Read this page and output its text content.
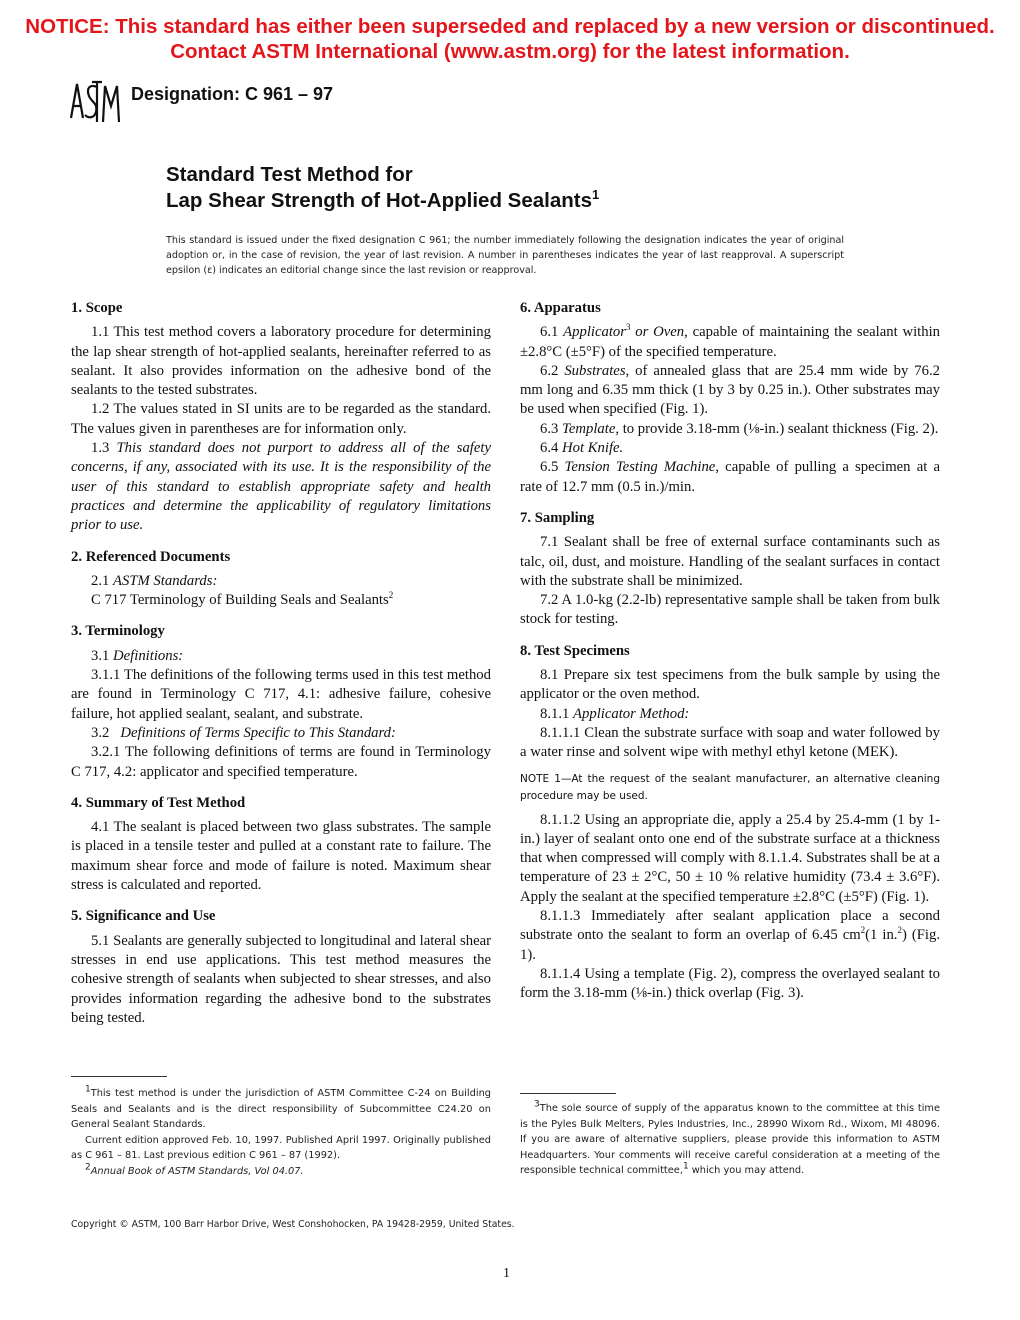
NOTICE: This standard has either been superseded and replaced by a new version or discontinued.
Contact ASTM International (www.astm.org) for the latest information.
Designation: C 961 – 97
Standard Test Method for
Lap Shear Strength of Hot-Applied Sealants$^1$
This standard is issued under the fixed designation C 961; the number immediately following the designation indicates the year of original adoption or, in the case of revision, the year of last revision. A number in parentheses indicates the year of last reapproval. A superscript epsilon (ε) indicates an editorial change since the last revision or reapproval.
1. Scope

1.1 This test method covers a laboratory procedure for determining the lap shear strength of hot-applied sealants, hereinafter referred to as sealant. It also provides information on the adhesive bond of the sealants to the tested substrates.

1.2 The values stated in SI units are to be regarded as the standard. The values given in parentheses are for information only.

1.3 This standard does not purport to address all of the safety concerns, if any, associated with its use. It is the responsibility of the user of this standard to establish appropriate safety and health practices and determine the applicability of regulatory limitations prior to use.

2. Referenced Documents

2.1 ASTM Standards:

C 717 Terminology of Building Seals and Sealants$^2$

3. Terminology

3.1 Definitions:

3.1.1 The definitions of the following terms used in this test method are found in Terminology C 717, 4.1: adhesive failure, cohesive failure, hot applied sealant, sealant, and substrate.

3.2 Definitions of Terms Specific to This Standard:

3.2.1 The following definitions of terms are found in Terminology C 717, 4.2: applicator and specified temperature.

4. Summary of Test Method

4.1 The sealant is placed between two glass substrates. The sample is placed in a tensile tester and pulled at a constant rate to failure. The maximum shear force and mode of failure is noted. Maximum shear stress is calculated and reported.

5. Significance and Use

5.1 Sealants are generally subjected to longitudinal and lateral shear stresses in end use applications. This test method measures the cohesive strength of sealants when subjected to shear stresses, and also provides information regarding the adhesive bond to the substrates being tested.

6. Apparatus

6.1 Applicator$^3$ or Oven, capable of maintaining the sealant within ±2.8°C (±5°F) of the specified temperature.

6.2 Substrates, of annealed glass that are 25.4 mm wide by 76.2 mm long and 6.35 mm thick (1 by 3 by 0.25 in.). Other substrates may be used when specified (Fig. 1).

6.3 Template, to provide 3.18-mm (⅛-in.) sealant thickness (Fig. 2).

6.4 Hot Knife.

6.5 Tension Testing Machine, capable of pulling a specimen at a rate of 12.7 mm (0.5 in.)/min.

7. Sampling

7.1 Sealant shall be free of external surface contaminants such as talc, oil, dust, and moisture. Handling of the sealant surfaces in contact with the substrate shall be minimized.

7.2 A 1.0-kg (2.2-lb) representative sample shall be taken from bulk stock for testing.

8. Test Specimens

8.1 Prepare six test specimens from the bulk sample by using the applicator or the oven method.

8.1.1 Applicator Method:

8.1.1.1 Clean the substrate surface with soap and water followed by a water rinse and solvent wipe with methyl ethyl ketone (MEK).

NOTE 1—At the request of the sealant manufacturer, an alternative cleaning procedure may be used.

8.1.1.2 Using an appropriate die, apply a 25.4 by 25.4-mm (1 by 1-in.) layer of sealant onto one end of the substrate surface at a thickness that when compressed will comply with 8.1.1.4. Substrates shall be at a temperature of 23 ± 2°C, 50 ± 10 % relative humidity (73.4 ± 3.6°F). Apply the sealant at the specified temperature ±2.8°C (±5°F) (Fig. 1).

8.1.1.3 Immediately after sealant application place a second substrate onto the sealant to form an overlap of 6.45 $cm^2(1$ in.$^2$) (Fig. 1).

8.1.1.4 Using a template (Fig. 2), compress the overlayed sealant to form the 3.18-mm (⅛-in.) thick overlap (Fig. 3).

$^1$This test method is under the jurisdiction of ASTM Committee C-24 on Building Seals and Sealants and is the direct responsibility of Subcommittee C24.20 on General Sealant Standards.

Current edition approved Feb. 10, 1997. Published April 1997. Originally published as C 961 – 81. Last previous edition C 961 – 87 (1992).

$^2$Annual Book of ASTM Standards, Vol 04.07.

$^3$The sole source of supply of the apparatus known to the committee at this time is the Pyles Bulk Melters, Pyles Industries, Inc., 28990 Wixom Rd., Wixom, MI 48096. If you are aware of alternative suppliers, please provide this information to ASTM Headquarters. Your comments will receive careful consideration at a meeting of the responsible technical committee,$^1$ which you may attend.

Copyright © ASTM, 100 Barr Harbor Drive, West Conshohocken, PA 19428-2959, United States.
1
